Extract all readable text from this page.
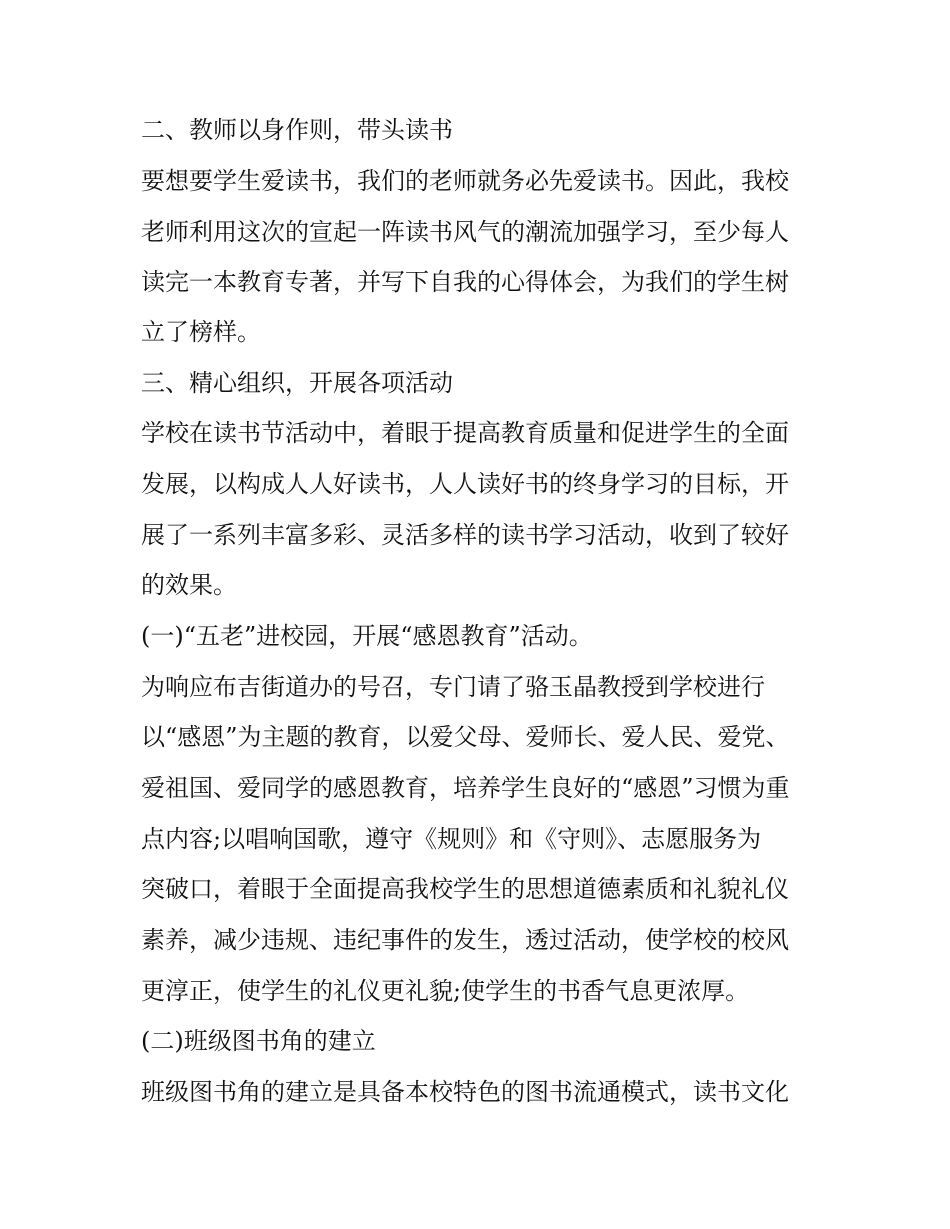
二、教师以身作则，带头读书
要想要学生爱读书，我们的老师就务必先爱读书。因此，我校
老师利用这次的宣起一阵读书风气的潮流加强学习，至少每人
读完一本教育专著，并写下自我的心得体会，为我们的学生树
立了榜样。
三、精心组织，开展各项活动
学校在读书节活动中，着眼于提高教育质量和促进学生的全面
发展，以构成人人好读书，人人读好书的终身学习的目标，开
展了一系列丰富多彩、灵活多样的读书学习活动，收到了较好
的效果。
(一)“五老”进校园，开展“感恩教育”活动。
为响应布吉街道办的号召，专门请了骆玉晶教授到学校进行
以“感恩”为主题的教育，以爱父母、爱师长、爱人民、爱党、
爱祖国、爱同学的感恩教育，培养学生良好的“感恩”习惯为重
点内容;以唱响国歌，遵守《规则》和《守则》、志愿服务为
突破口，着眼于全面提高我校学生的思想道德素质和礼貌礼仪
素养，减少违规、违纪事件的发生，透过活动，使学校的校风
更淳正，使学生的礼仪更礼貌;使学生的书香气息更浓厚。
(二)班级图书角的建立
班级图书角的建立是具备本校特色的图书流通模式，读书文化
